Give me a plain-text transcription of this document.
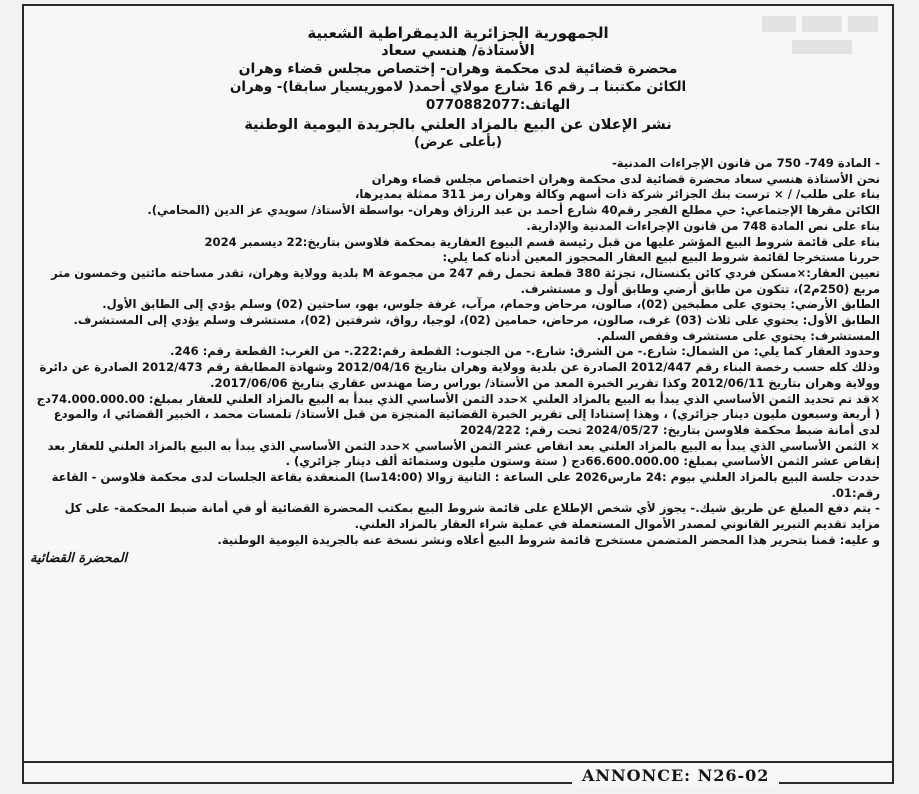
الجمهورية الجزائرية الديمقراطية الشعبية
الأستاذة/ هنسي سعاد
محضرة قضائية لدى محكمة وهران- إختصاص مجلس قضاء وهران
الكائن مكتبنا بـ رقم 16 شارع مولاي أحمد( لاموريسيار سابقا)- وهران
الهاتف:0770882077
نشر الإعلان عن البيع بالمزاد العلني بالجريدة اليومية الوطنية
(بأعلى عرض)
- المادة 749- 750 من قانون الإجراءات المدنية-
نحن الأستاذة هنسي سعاد محضرة قضائية لدى محكمة وهران اختصاص مجلس قضاء وهران
بناء على طلب/ / × ترست بنك الجزائر شركة ذات أسهم وكالة وهران رمز 311 ممثلة بمديرها،
الكائن مقرها الإجتماعي: حي مطلع الفجر رقم40 شارع أحمد بن عبد الرزاق وهران- بواسطة الأستاذ/ سويدي عز الدين (المحامي).
بناء على نص المادة 748 من قانون الإجراءات المدنية والإدارية.
بناء على قائمة شروط البيع المؤشر عليها من قبل رئيسة قسم البيوع العقارية بمحكمة فلاوسن بتاريخ:22 ديسمبر 2024
حررنا مستخرجا لقائمة شروط البيع لبيع العقار المحجوز المعين أدناه كما يلي:
تعيين العقار:×مسكن فردي كائن بكنستال، تجزئة 380 قطعة تحمل رقم 247 من مجموعة M بلدية وولاية وهران، تقدر مساحته مائتين وخمسون متر مربع (250م2)، تتكون من طابق أرضي وطابق أول و مستشرف.
الطابق الأرضي: يحتوي على مطبخين (02)، صالون، مرحاض وحمام، مرآب، غرفة جلوس، بهو، ساحتين (02) وسلم يؤدي إلى الطابق الأول.
الطابق الأول: يحتوي على ثلاث (03) غرف، صالون، مرحاض، حمامين (02)، لوجيا، رواق، شرفتين (02)، مستشرف وسلم يؤدي إلى المستشرف. المستشرف: يحتوي على مستشرف وقفص السلم.
وحدود العقار كما يلي: من الشمال: شارع.- من الشرق: شارع.- من الجنوب: القطعة رقم:222.- من الغرب: القطعة رقم: 246.
وذلك كله حسب رخصة البناء رقم 2012/447 الصادرة عن بلدية وولاية وهران بتاريخ 2012/04/16 وشهادة المطابقة رقم 2012/473 الصادرة عن دائرة وولاية وهران بتاريخ 2012/06/11 وكذا تقرير الخبرة المعد من الأستاذ/ بوراس رضا مهندس عقاري بتاريخ 2017/06/06.
×قد تم تحديد الثمن الأساسي الذي يبدأ به البيع بالمزاد العلني ×حدد الثمن الأساسي الذي يبدأ به البيع بالمزاد العلني للعقار بمبلغ: 74.000.000.00دج ( أربعة وسبعون مليون دينار جزائري) ، وهذا إستنادا إلى تقرير الخبرة القضائية المنجزة من قبل الأستاذ/ تلمسات محمد ، الخبير القضائي ا، والمودع لدى أمانة ضبط محكمة فلاوسن بتاريخ: 2024/05/27 تحت رقم: 2024/222
× الثمن الأساسي الذي يبدأ به البيع بالمزاد العلني بعد انقاص عشر الثمن الأساسي ×حدد الثمن الأساسي الذي يبدأ به البيع بالمزاد العلني للعقار بعد إنقاص عشر الثمن الأساسي بمبلغ: 66.600.000.00دج ( ستة وستون مليون وستمائة ألف دينار جزائري) .
حددت جلسة البيع بالمزاد العلني بيوم :24 مارس2026 على الساعة : الثانية زوالا (14:00سا) المنعقدة بقاعة الجلسات لدى محكمة فلاوسن - القاعة رقم:01.
- يتم دفع المبلغ عن طريق شيك.- يجوز لأي شخص الإطلاع على قائمة شروط البيع بمكتب المحضرة القضائية أو في أمانة ضبط المحكمة- على كل مزايد تقديم التبرير القانوني لمصدر الأموال المستعملة في عملية شراء العقار بالمزاد العلني.
و عليه: قمنا بتحرير هذا المحضر المتضمن مستخرج قائمة شروط البيع أعلاه ونشر نسخة عنه بالجريدة اليومية الوطنية.
المحضرة القضائية
ANNONCE: N26-02
